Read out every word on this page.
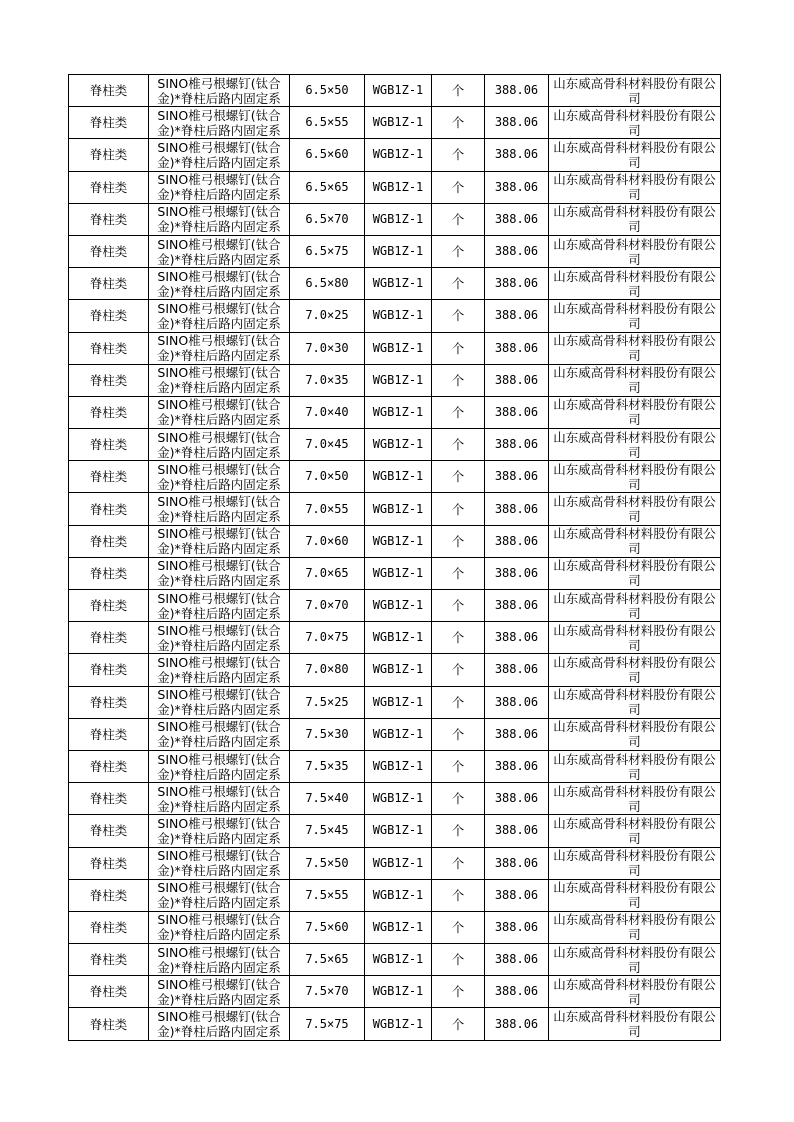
脊柱类	SINO椎弓根螺钉(钛合金)*脊柱后路内固定系	6.5×50	WGB1Z-1	个	388.06	山东威高骨科材料股份有限公司
脊柱类	SINO椎弓根螺钉(钛合金)*脊柱后路内固定系	6.5×55	WGB1Z-1	个	388.06	山东威高骨科材料股份有限公司
脊柱类	SINO椎弓根螺钉(钛合金)*脊柱后路内固定系	6.5×60	WGB1Z-1	个	388.06	山东威高骨科材料股份有限公司
脊柱类	SINO椎弓根螺钉(钛合金)*脊柱后路内固定系	6.5×65	WGB1Z-1	个	388.06	山东威高骨科材料股份有限公司
脊柱类	SINO椎弓根螺钉(钛合金)*脊柱后路内固定系	6.5×70	WGB1Z-1	个	388.06	山东威高骨科材料股份有限公司
脊柱类	SINO椎弓根螺钉(钛合金)*脊柱后路内固定系	6.5×75	WGB1Z-1	个	388.06	山东威高骨科材料股份有限公司
脊柱类	SINO椎弓根螺钉(钛合金)*脊柱后路内固定系	6.5×80	WGB1Z-1	个	388.06	山东威高骨科材料股份有限公司
脊柱类	SINO椎弓根螺钉(钛合金)*脊柱后路内固定系	7.0×25	WGB1Z-1	个	388.06	山东威高骨科材料股份有限公司
脊柱类	SINO椎弓根螺钉(钛合金)*脊柱后路内固定系	7.0×30	WGB1Z-1	个	388.06	山东威高骨科材料股份有限公司
脊柱类	SINO椎弓根螺钉(钛合金)*脊柱后路内固定系	7.0×35	WGB1Z-1	个	388.06	山东威高骨科材料股份有限公司
脊柱类	SINO椎弓根螺钉(钛合金)*脊柱后路内固定系	7.0×40	WGB1Z-1	个	388.06	山东威高骨科材料股份有限公司
脊柱类	SINO椎弓根螺钉(钛合金)*脊柱后路内固定系	7.0×45	WGB1Z-1	个	388.06	山东威高骨科材料股份有限公司
脊柱类	SINO椎弓根螺钉(钛合金)*脊柱后路内固定系	7.0×50	WGB1Z-1	个	388.06	山东威高骨科材料股份有限公司
脊柱类	SINO椎弓根螺钉(钛合金)*脊柱后路内固定系	7.0×55	WGB1Z-1	个	388.06	山东威高骨科材料股份有限公司
脊柱类	SINO椎弓根螺钉(钛合金)*脊柱后路内固定系	7.0×60	WGB1Z-1	个	388.06	山东威高骨科材料股份有限公司
脊柱类	SINO椎弓根螺钉(钛合金)*脊柱后路内固定系	7.0×65	WGB1Z-1	个	388.06	山东威高骨科材料股份有限公司
脊柱类	SINO椎弓根螺钉(钛合金)*脊柱后路内固定系	7.0×70	WGB1Z-1	个	388.06	山东威高骨科材料股份有限公司
脊柱类	SINO椎弓根螺钉(钛合金)*脊柱后路内固定系	7.0×75	WGB1Z-1	个	388.06	山东威高骨科材料股份有限公司
脊柱类	SINO椎弓根螺钉(钛合金)*脊柱后路内固定系	7.0×80	WGB1Z-1	个	388.06	山东威高骨科材料股份有限公司
脊柱类	SINO椎弓根螺钉(钛合金)*脊柱后路内固定系	7.5×25	WGB1Z-1	个	388.06	山东威高骨科材料股份有限公司
脊柱类	SINO椎弓根螺钉(钛合金)*脊柱后路内固定系	7.5×30	WGB1Z-1	个	388.06	山东威高骨科材料股份有限公司
脊柱类	SINO椎弓根螺钉(钛合金)*脊柱后路内固定系	7.5×35	WGB1Z-1	个	388.06	山东威高骨科材料股份有限公司
脊柱类	SINO椎弓根螺钉(钛合金)*脊柱后路内固定系	7.5×40	WGB1Z-1	个	388.06	山东威高骨科材料股份有限公司
脊柱类	SINO椎弓根螺钉(钛合金)*脊柱后路内固定系	7.5×45	WGB1Z-1	个	388.06	山东威高骨科材料股份有限公司
脊柱类	SINO椎弓根螺钉(钛合金)*脊柱后路内固定系	7.5×50	WGB1Z-1	个	388.06	山东威高骨科材料股份有限公司
脊柱类	SINO椎弓根螺钉(钛合金)*脊柱后路内固定系	7.5×55	WGB1Z-1	个	388.06	山东威高骨科材料股份有限公司
脊柱类	SINO椎弓根螺钉(钛合金)*脊柱后路内固定系	7.5×60	WGB1Z-1	个	388.06	山东威高骨科材料股份有限公司
脊柱类	SINO椎弓根螺钉(钛合金)*脊柱后路内固定系	7.5×65	WGB1Z-1	个	388.06	山东威高骨科材料股份有限公司
脊柱类	SINO椎弓根螺钉(钛合金)*脊柱后路内固定系	7.5×70	WGB1Z-1	个	388.06	山东威高骨科材料股份有限公司
脊柱类	SINO椎弓根螺钉(钛合金)*脊柱后路内固定系	7.5×75	WGB1Z-1	个	388.06	山东威高骨科材料股份有限公司
